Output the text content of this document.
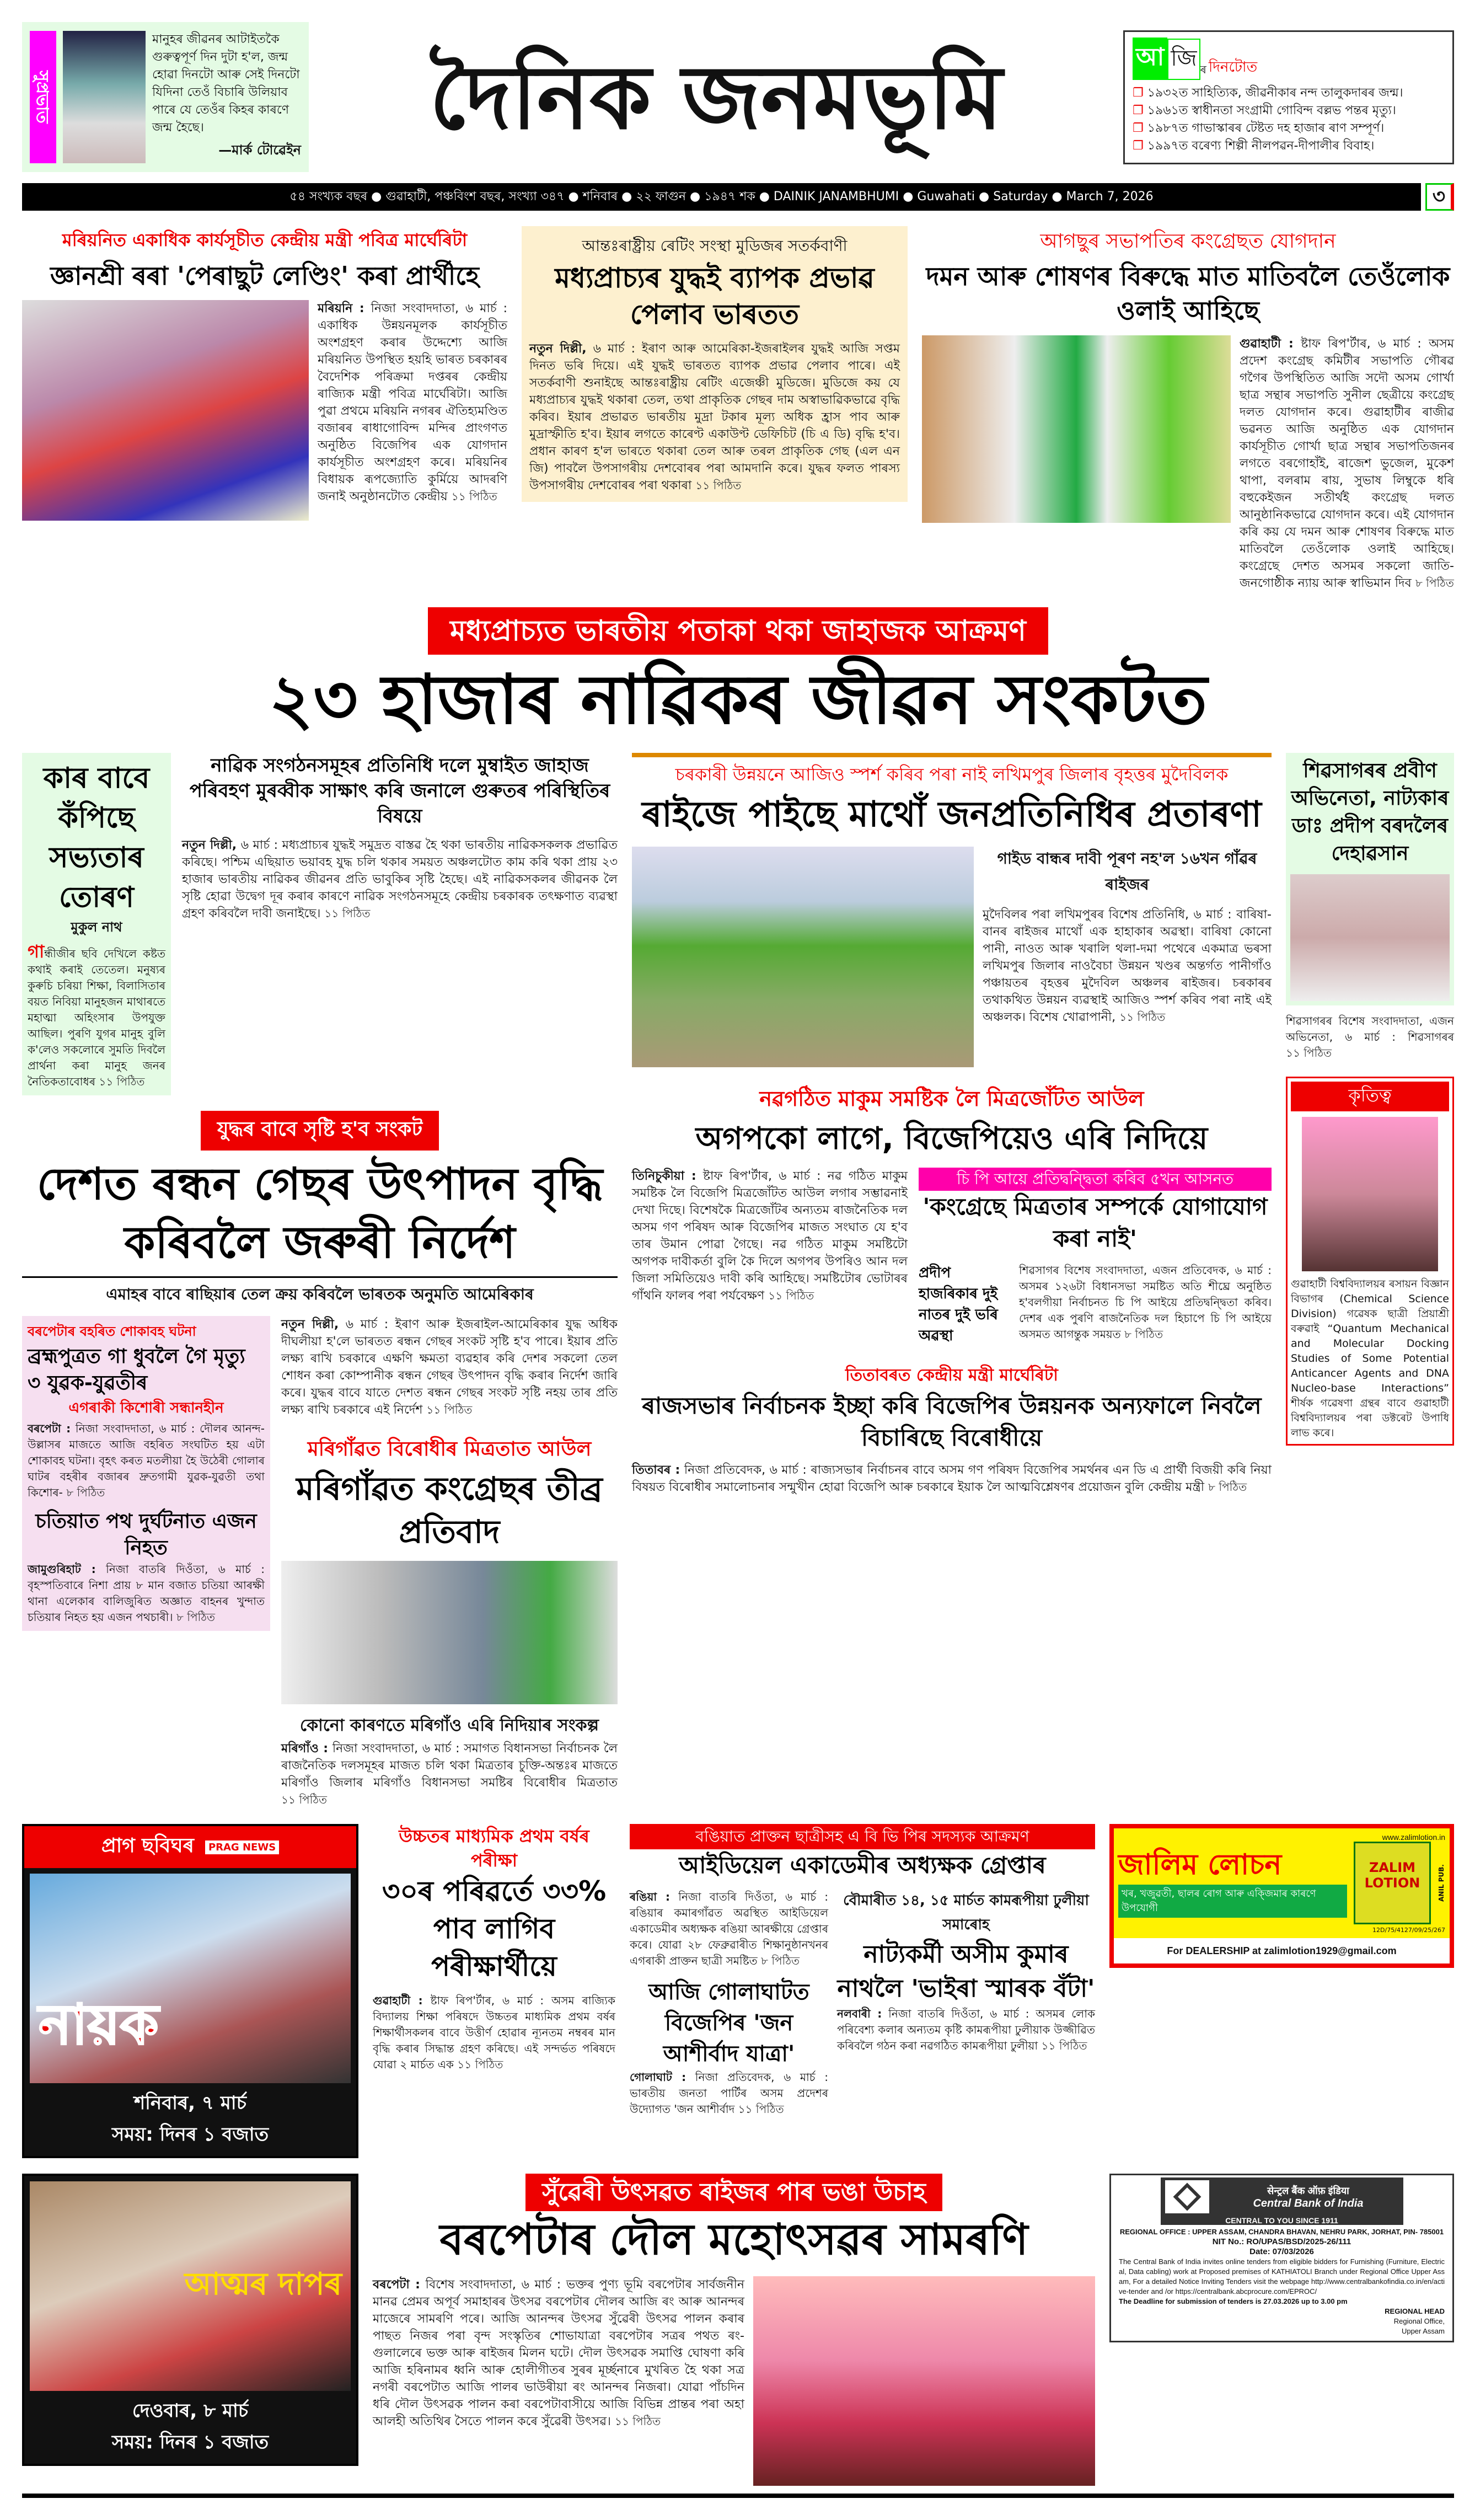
সুপ্ৰভাত
মানুহৰ জীৱনৰ আটাইতকৈ গুৰুত্বপূৰ্ণ দিন দুটা হ'ল, জন্ম হোৱা দিনটো আৰু সেই দিনটো যিদিনা তেওঁ বিচাৰি উলিয়াব পাৰে যে তেওঁৰ কিহৰ কাৰণে জন্ম হৈছে।
—মাৰ্ক টোৱেইন
দৈনিক জনমভূমি	আ জি ৰ দিনটোত
❐ ১৯৩২ত সাহিত্যিক, জীৱনীকাৰ নন্দ তালুকদাৰৰ জন্ম।
❐ ১৯৬১ত স্বাধীনতা সংগ্ৰামী গোবিন্দ বল্লভ পন্তৰ মৃত্যু।
❐ ১৯৮৭ত গাভাস্কাৰৰ টেষ্টত দহ হাজাৰ ৰাণ সম্পূৰ্ণ।
❐ ১৯৯৭ত বৰেণ্য শিল্পী নীলপৱন-দীপালীৰ বিবাহ।
৫৪ সংখ্যক বছৰ ● গুৱাহাটী, পঞ্চবিংশ বছৰ, সংখ্যা ৩৪৭ ● শনিবাৰ ● ২২ ফাগুন ● ১৯৪৭ শক ● DAINIK JANAMBHUMI ● Guwahati ● Saturday ● March 7, 2026	৩
মৰিয়নিত একাধিক কাৰ্যসূচীত কেন্দ্ৰীয় মন্ত্ৰী পবিত্ৰ মাৰ্ঘেৰিটা
জ্ঞানশ্ৰী ৰৰা 'পেৰাছুট লেণ্ডিং' কৰা প্ৰাৰ্থীহে
মৰিয়নি : নিজা সংবাদদাতা, ৬ মাৰ্চ : একাধিক উন্নয়নমূলক কাৰ্যসূচীত অংশগ্ৰহণ কৰাৰ উদ্দেশ্যে আজি মৰিয়নিত উপস্থিত হয়হি ভাৰত চৰকাৰৰ বৈদেশিক পৰিক্ৰমা দপ্তৰৰ কেন্দ্ৰীয় ৰাজ্যিক মন্ত্ৰী পবিত্ৰ মাৰ্ঘেৰিটা। আজি পুৱা প্ৰথমে মৰিয়নি নগৰৰ ঐতিহ্যমণ্ডিত বজাৰৰ ৰাধাগোবিন্দ মন্দিৰ প্ৰাংগণত অনুষ্ঠিত বিজেপিৰ এক যোগদান কাৰ্যসূচীত অংশগ্ৰহণ কৰে। মৰিয়নিৰ বিধায়ক ৰূপজ্যোতি কুৰ্মিয়ে আদৰণি জনাই অনুষ্ঠানটোত কেন্দ্ৰীয় ১১ পিঠিত
আন্তঃৰাষ্ট্ৰীয় ৰেটিং সংস্থা মুডিজৰ সতৰ্কবাণী
মধ্যপ্ৰাচ্যৰ যুদ্ধই ব্যাপক প্ৰভাৱ পেলাব ভাৰতত
নতুন দিল্লী, ৬ মাৰ্চ : ইৰাণ আৰু আমেৰিকা-ইজৰাইলৰ যুদ্ধই আজি সপ্তম দিনত ভৰি দিয়ে। এই যুদ্ধই ভাৰতত ব্যাপক প্ৰভাৱ পেলাব পাৰে। এই সতৰ্কবাণী শুনাইছে আন্তঃৰাষ্ট্ৰীয় ৰেটিং এজেঞ্চী মুডিজে। মুডিজে কয় যে মধ্যপ্ৰাচ্যৰ যুদ্ধই থকাৰা তেল, তথা প্ৰাকৃতিক গেছৰ দাম অস্বাভাৱিকভাৱে বৃদ্ধি কৰিব। ইয়াৰ প্ৰভাৱত ভাৰতীয় মুদ্ৰা টকাৰ মূল্য অধিক হ্ৰাস পাব আৰু মুদ্ৰাস্ফীতি হ'ব। ইয়াৰ লগতে কাৰেণ্ট একাউণ্ট ডেফিচিট (চি এ ডি) বৃদ্ধি হ'ব। প্ৰধান কাৰণ হ'ল ভাৰতে থকাৰা তেল আৰু তৰল প্ৰাকৃতিক গেছ (এল এন জি) পাবলৈ উপসাগৰীয় দেশবোৰৰ পৰা আমদানি কৰে। যুদ্ধৰ ফলত পাৰস্য উপসাগৰীয় দেশবোৰৰ পৰা থকাৰা ১১ পিঠিত
আগছুৰ সভাপতিৰ কংগ্ৰেছত যোগদান
দমন আৰু শোষণৰ বিৰুদ্ধে মাত মাতিবলৈ তেওঁলোক ওলাই আহিছে
গুৱাহাটী : ষ্টাফ ৰিপ'ৰ্টাৰ, ৬ মাৰ্চ : অসম প্ৰদেশ কংগ্ৰেছ কমিটীৰ সভাপতি গৌৰৱ গগৈৰ উপস্থিতিত আজি সদৌ অসম গোৰ্খা ছাত্ৰ সন্থাৰ সভাপতি সুনীল ছেত্ৰীয়ে কংগ্ৰেছ দলত যোগদান কৰে। গুৱাহাটীৰ ৰাজীৱ ভৱনত আজি অনুষ্ঠিত এক যোগদান কাৰ্যসূচীত গোৰ্খা ছাত্ৰ সন্থাৰ সভাপতিজনৰ লগতে বৰগোহাঁই, ৰাজেশ ভুজেল, মুকেশ থাপা, বলৰাম ৰায়, সুভাষ লিম্বুকে ধৰি বহুকেইজন সতীৰ্থই কংগ্ৰেছ দলত আনুষ্ঠানিকভাৱে যোগদান কৰে। এই যোগদান কৰি কয় যে দমন আৰু শোষণৰ বিৰুদ্ধে মাত মাতিবলৈ তেওঁলোক ওলাই আহিছে। কংগ্ৰেছে দেশত অসমৰ সকলো জাতি-জনগোষ্ঠীক ন্যায় আৰু স্বাভিমান দিব ৮ পিঠিত
মধ্যপ্ৰাচ্যত ভাৰতীয় পতাকা থকা জাহাজক আক্ৰমণ
২৩ হাজাৰ নাৱিকৰ জীৱন সংকটত
কাৰ বাবে কঁপিছে সভ্যতাৰ তোৰণ
মুকুল নাথ
গান্ধীজীৰ ছবি দেখিলে কষ্টত কথাই কৰাই তেতেল। মনুষ্যৰ কুৰুচি চৰিয়া শিক্ষা, বিলাসিতাৰ বয়ত নিবিয়া মানুহজন মাথাৰতে মহাত্মা অহিংসাৰ উপযুক্ত আছিল। পুৰণি যুগৰ মানুহ বুলি ক'লেও সকলোৰে সুমতি দিবলৈ প্ৰাৰ্থনা কৰা মানুহ জনৰ নৈতিকতাবোধৰ ১১ পিঠিত
নাৱিক সংগঠনসমূহৰ প্ৰতিনিধি দলে মুম্বাইত জাহাজ পৰিবহণ মুৰব্বীক সাক্ষাৎ কৰি জনালে গুৰুতৰ পৰিস্থিতিৰ বিষয়ে
নতুন দিল্লী, ৬ মাৰ্চ : মধ্যপ্ৰাচ্যৰ যুদ্ধই সমুদ্ৰত বাস্তৱ হৈ থকা ভাৰতীয় নাৱিকসকলক প্ৰভাৱিত কৰিছে। পশ্চিম এছিয়াত ভয়াবহ যুদ্ধ চলি থকাৰ সময়ত অঞ্চলটোত কাম কৰি থকা প্ৰায় ২৩ হাজাৰ ভাৰতীয় নাৱিকৰ জীৱনৰ প্ৰতি ভাবুকিৰ সৃষ্টি হৈছে। এই নাৱিকসকলৰ জীৱনক লৈ সৃষ্টি হোৱা উদ্বেগ দূৰ কৰাৰ কাৰণে নাৱিক সংগঠনসমূহে কেন্দ্ৰীয় চৰকাৰক তৎক্ষণাত ব্যৱস্থা গ্ৰহণ কৰিবলৈ দাবী জনাইছে। ১১ পিঠিত
যুদ্ধৰ বাবে সৃষ্টি হ'ব সংকট
দেশত ৰন্ধন গেছৰ উৎপাদন বৃদ্ধি কৰিবলৈ জৰুৰী নিৰ্দেশ
এমাহৰ বাবে ৰাছিয়াৰ তেল ক্ৰয় কৰিবলৈ ভাৰতক অনুমতি আমেৰিকাৰ
বৰপেটাৰ বহৰিত শোকাবহ ঘটনা
ব্ৰহ্মপুত্ৰত গা ধুবলৈ গৈ মৃত্যু ৩ যুৱক-যুৱতীৰ
এগৰাকী কিশোৰী সন্ধানহীন
বৰপেটা : নিজা সংবাদদাতা, ৬ মাৰ্চ : দৌলৰ আনন্দ-উল্লাসৰ মাজতে আজি বহৰিত সংঘটিত হয় এটা শোকাবহ ঘটনা। বৃহৎ কৰত মতলীয়া হৈ উঠেৰী গোলাৰ ঘাটৰ বহৰীৰ বজাৰৰ দ্ৰুতগামী যুৱক-যুৱতী তথা কিশোৰ- ৮ পিঠিত
চতিয়াত পথ দুৰ্ঘটনাত এজন নিহত
জামুগুৰিহাট : নিজা বাতৰি দিওঁতা, ৬ মাৰ্চ : বৃহস্পতিবাৰে নিশা প্ৰায় ৮ মান বজাত চতিয়া আৰক্ষী থানা এলেকাৰ বালিজুৰিত অজ্ঞাত বাহনৰ খুন্দাত চতিয়াৰ নিহত হয় এজন পথচাৰী। ৮ পিঠিত
নতুন দিল্লী, ৬ মাৰ্চ : ইৰাণ আৰু ইজৰাইল-আমেৰিকাৰ যুদ্ধ অধিক দীঘলীয়া হ'লে ভাৰতত ৰন্ধন গেছৰ সংকট সৃষ্টি হ'ব পাৰে। ইয়াৰ প্ৰতি লক্ষ্য ৰাখি চৰকাৰে এক্ষণি ক্ষমতা ব্যৱহাৰ কৰি দেশৰ সকলো তেল শোধন কৰা কোম্পানীক ৰন্ধন গেছৰ উৎপাদন বৃদ্ধি কৰাৰ নিৰ্দেশ জাৰি কৰে। যুদ্ধৰ বাবে যাতে দেশত ৰন্ধন গেছৰ সংকট সৃষ্টি নহয় তাৰ প্ৰতি লক্ষ্য ৰাখি চৰকাৰে এই নিৰ্দেশ ১১ পিঠিত
মৰিগাঁৱত বিৰোধীৰ মিত্ৰতাত আউল
মৰিগাঁৱত কংগ্ৰেছৰ তীব্ৰ প্ৰতিবাদ
কোনো কাৰণতে মৰিগাঁও এৰি নিদিয়াৰ সংকল্প
মৰিগাঁও : নিজা সংবাদদাতা, ৬ মাৰ্চ : সমাগত বিধানসভা নিৰ্বাচনক লৈ ৰাজনৈতিক দলসমূহৰ মাজত চলি থকা মিত্ৰতাৰ চুক্তি-অন্তঃৰ মাজতে মৰিগাঁও জিলাৰ মৰিগাঁও বিধানসভা সমষ্টিৰ বিৰোধীৰ মিত্ৰতাত ১১ পিঠিত
চৰকাৰী উন্নয়নে আজিও স্পৰ্শ কৰিব পৰা নাই লখিমপুৰ জিলাৰ বৃহত্তৰ মুদৈবিলক
ৰাইজে পাইছে মাথোঁ জনপ্ৰতিনিধিৰ প্ৰতাৰণা
গাইড বান্ধৰ দাবী পূৰণ নহ'ল ১৬খন গাঁৱৰ ৰাইজৰ
মুদৈবিলৰ পৰা লখিমপুৰৰ বিশেষ প্ৰতিনিধি, ৬ মাৰ্চ : বাৰিষা-বানৰ ৰাইজৰ মাথোঁ এক হাহাকাৰ অৱস্থা। বাৰিষা কোনো পানী, নাওত আৰু খৰালি থলা-দমা পথেৰে একমাত্ৰ ভৰসা লখিমপুৰ জিলাৰ নাওবৈচা উন্নয়ন খণ্ডৰ অন্তৰ্গত পানীগাঁও পঞ্চায়তৰ বৃহত্তৰ মুদৈবিল অঞ্চলৰ ৰাইজৰ। চৰকাৰৰ তথাকথিত উন্নয়ন ব্যৱস্থাই আজিও স্পৰ্শ কৰিব পৰা নাই এই অঞ্চলক। বিশেষ খোৱাপানী, ১১ পিঠিত
নৱগঠিত মাকুম সমষ্টিক লৈ মিত্ৰজোঁটত আউল
অগপকো লাগে, বিজেপিয়েও এৰি নিদিয়ে
তিনিচুকীয়া : ষ্টাফ ৰিপ'ৰ্টাৰ, ৬ মাৰ্চ : নৱ গঠিত মাকুম সমষ্টিক লৈ বিজেপি মিত্ৰজোঁটত আউল লগাৰ সম্ভাৱনাই দেখা দিছে। বিশেষকৈ মিত্ৰজোঁটৰ অন্যতম ৰাজনৈতিক দল অসম গণ পৰিষদ আৰু বিজেপিৰ মাজত সংঘাত যে হ'ব তাৰ উমান পোৱা গৈছে। নৱ গঠিত মাকুম সমষ্টিটো অগপক দাবীকৰ্তা বুলি কৈ দিলে অগপৰ উপৰিও আন দল জিলা সমিতিয়েও দাবী কৰি আহিছে। সমষ্টিটোৰ ভোটাৰৰ গাঁথনি ফালৰ পৰা পৰ্যবেক্ষণ ১১ পিঠিত
চি পি আয়ে প্ৰতিদ্বন্দ্বিতা কৰিব ৫খন আসনত
'কংগ্ৰেছে মিত্ৰতাৰ সম্পৰ্কে যোগাযোগ কৰা নাই'
প্ৰদীপ হাজৰিকাৰ দুই নাতৰ দুই ভৰি অৱস্থা
শিৱসাগৰ বিশেষ সংবাদদাতা, এজন প্ৰতিবেদক, ৬ মাৰ্চ : অসমৰ ১২৬টা বিধানসভা সমষ্টিত অতি শীঘ্ৰে অনুষ্ঠিত হ'বলগীয়া নিৰ্বাচনত চি পি আইয়ে প্ৰতিদ্বন্দ্বিতা কৰিব। দেশৰ এক পুৰণি ৰাজনৈতিক দল হিচাপে চি পি আইয়ে অসমত আগন্তুক সময়ত ৮ পিঠিত
তিতাবৰত কেন্দ্ৰীয় মন্ত্ৰী মাৰ্ঘেৰিটা
ৰাজসভাৰ নিৰ্বাচনক ইচ্ছা কৰি বিজেপিৰ উন্নয়নক অন্যফালে নিবলৈ বিচাৰিছে বিৰোধীয়ে
তিতাবৰ : নিজা প্ৰতিবেদক, ৬ মাৰ্চ : ৰাজ্যসভাৰ নিৰ্বাচনৰ বাবে অসম গণ পৰিষদ বিজেপিৰ সমৰ্থনৰ এন ডি এ প্ৰাৰ্থী বিজয়ী কৰি নিয়া বিষয়ত বিৰোধীৰ সমালোচনাৰ সন্মুখীন হোৱা বিজেপি আৰু চৰকাৰে ইয়াক লৈ আত্মবিশ্লেষণৰ প্ৰয়োজন বুলি কেন্দ্ৰীয় মন্ত্ৰী ৮ পিঠিত
শিৱসাগৰৰ প্ৰবীণ অভিনেতা, নাট্যকাৰ ডাঃ প্ৰদীপ বৰদলৈৰ দেহাৱসান
শিৱসাগৰৰ বিশেষ সংবাদদাতা, এজন অভিনেতা, ৬ মাৰ্চ : শিৱসাগৰৰ ১১ পিঠিত
কৃতিত্ব
গুৱাহাটী বিশ্ববিদ্যালয়ৰ ৰসায়ন বিজ্ঞান বিভাগৰ (Chemical Science Division) গৱেষক ছাত্ৰী প্ৰিয়াশ্ৰী বৰুৱাই “Quantum Mechanical and Molecular Docking Studies of Some Potential Anticancer Agents and DNA Nucleo-base Interactions” শীৰ্ষক গৱেষণা গ্ৰন্থৰ বাবে গুৱাহাটী বিশ্ববিদ্যালয়ৰ পৰা ডক্টৰেট উপাধি লাভ কৰে।
প্ৰাগ ছবিঘৰ	PRAG NEWS
নায়ক
শনিবাৰ, ৭ মাৰ্চ
সময়: দিনৰ ১ বজাত
উচ্চতৰ মাধ্যমিক প্ৰথম বৰ্ষৰ পৰীক্ষা
৩০ৰ পৰিৱৰ্তে ৩৩% পাব লাগিব পৰীক্ষাৰ্থীয়ে
গুৱাহাটী : ষ্টাফ ৰিপ'ৰ্টাৰ, ৬ মাৰ্চ : অসম ৰাজ্যিক বিদ্যালয় শিক্ষা পৰিষদে উচ্চতৰ মাধ্যমিক প্ৰথম বৰ্ষৰ শিক্ষাৰ্থীসকলৰ বাবে উত্তীৰ্ণ হোৱাৰ ন্যূনতম নম্বৰৰ মান বৃদ্ধি কৰাৰ সিদ্ধান্ত গ্ৰহণ কৰিছে। এই সন্দৰ্ভত পৰিষদে যোৱা ২ মাৰ্চত এক ১১ পিঠিত
বঙিয়াত প্ৰাক্তন ছাত্ৰীসহ এ বি ভি পিৰ সদস্যক আক্ৰমণ
আইডিয়েল একাডেমীৰ অধ্যক্ষক গ্ৰেপ্তাৰ
ৰঙিয়া : নিজা বাতৰি দিওঁতা, ৬ মাৰ্চ : ৰঙিয়াৰ কমাৰগাঁৱত অৱস্থিত আইডিয়েল একাডেমীৰ অধ্যক্ষক ৰঙিয়া আৰক্ষীয়ে গ্ৰেপ্তাৰ কৰে। যোৱা ২৮ ফেব্ৰুৱাৰীত শিক্ষানুষ্ঠানখনৰ এগৰাকী প্ৰাক্তন ছাত্ৰী সমষ্টিত ৮ পিঠিত
আজি গোলাঘাটত বিজেপিৰ 'জন আশীৰ্বাদ যাত্ৰা'
গোলাঘাট : নিজা প্ৰতিবেদক, ৬ মাৰ্চ : ভাৰতীয় জনতা পাৰ্টিৰ অসম প্ৰদেশৰ উদ্যোগত 'জন আশীৰ্বাদ ১১ পিঠিত
বৌমাৰীত ১৪, ১৫ মাৰ্চত কামৰূপীয়া ঢুলীয়া সমাৰোহ
নাট্যকৰ্মী অসীম কুমাৰ নাথলৈ 'ভাইৰা স্মাৰক বঁটা'
নলবাৰী : নিজা বাতৰি দিওঁতা, ৬ মাৰ্চ : অসমৰ লোক পৰিবেশ্য কলাৰ অন্যতম কৃষ্টি কামৰূপীয়া ঢুলীয়াক উজ্জীৱিত কৰিবলৈ গঠন কৰা নৱগঠিত কামৰূপীয়া ঢুলীয়া ১১ পিঠিত
www.zalimlotion.in
জালিম লোচন
খৰ, খজুৱতী, ছালৰ ৰোগ আৰু এক্জিমাৰ কাৰণে উপযোগী
ZALIM LOTION	ANIL PUB.
12D/75/4127/09/25/267
For DEALERSHIP at zalimlotion1929@gmail.com
আত্মৰ দাপৰ
দেওবাৰ, ৮ মাৰ্চ
সময়: দিনৰ ১ বজাত
সুঁৱেৰী উৎসৱত ৰাইজৰ পাৰ ভঙা উচাহ
বৰপেটাৰ দৌল মহোৎসৱৰ সামৰণি
বৰপেটা : বিশেষ সংবাদদাতা, ৬ মাৰ্চ : ভক্তৰ পুণ্য ভূমি বৰপেটাৰ সাৰ্বজনীন মানৱ প্ৰেমৰ অপূৰ্ব সমাহাৰৰ উৎসৱ বৰপেটাৰ দৌলৰ আজি ৰং আৰু আনন্দৰ মাজেৰে সামৰণি পৰে। আজি আনন্দৰ উৎসৱ সুঁৱেৰী উৎসৱ পালন কৰাৰ পাছত নিজৰ পৰা বৃন্দ সংস্কৃতিৰ শোভাযাত্ৰা বৰপেটাৰ সত্ৰৰ পথত ৰং-গুলালেৰে ভক্ত আৰু ৰাইজৰ মিলন ঘটে। দৌল উৎসৱক সমাপ্তি ঘোষণা কৰি আজি হৰিনামৰ ধ্বনি আৰু হোলীগীতৰ সুৰৰ মূৰ্চ্ছনাৰে মুখৰিত হৈ থকা সত্ৰ নগৰী বৰপেটাত আজি পালৰ ভাউৰীয়া ৰং আনন্দৰ নিজৰা। যোৱা পাঁচদিন ধৰি দৌল উৎসৱক পালন কৰা বৰপেটাবাসীয়ে আজি বিভিন্ন প্ৰান্তৰ পৰা অহা আলহী অতিথিৰ সৈতে পালন কৰে সুঁৱেৰী উৎসৱ। ১১ পিঠিত
सेन्ट्रल बैंक ऑफ़ इंडिया
Central Bank of India
CENTRAL TO YOU SINCE 1911
REGIONAL OFFICE : UPPER ASSAM, CHANDRA BHAVAN, NEHRU PARK, JORHAT, PIN- 785001
NIT No.: RO/UPAS/BSD/2025-26/111
Date: 07/03/2026
The Central Bank of India invites online tenders from eligible bidders for Furnishing (Furniture, Electrical, Data cabling) work at Proposed premises of KATHIATOLI Branch under Regional Office Upper Assam, For a detailed Notice Inviting Tenders visit the webpage http://www.centralbankofindia.co.in/en/active-tender and /or https://centralbank.abcprocure.com/EPROC/
The Deadline for submission of tenders is 27.03.2026 up to 3.00 pm
REGIONAL HEAD
Regional Office,
Upper Assam
